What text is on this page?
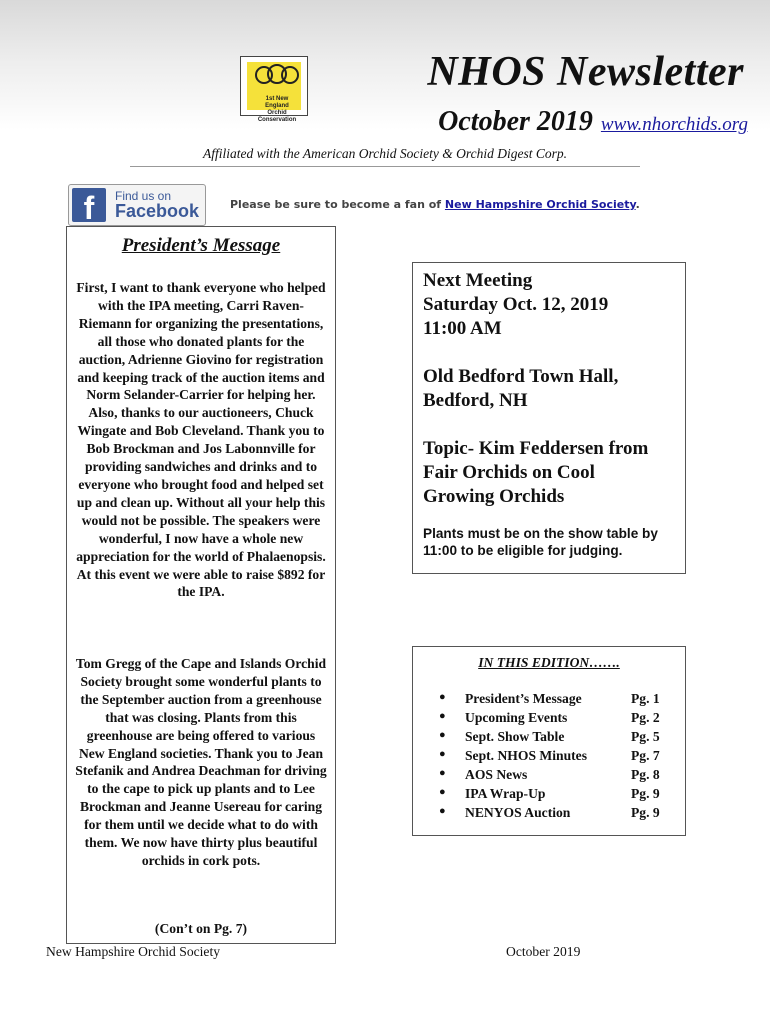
1st New England Orchid Conservation
NHOS Newsletter
October 2019 www.nhorchids.org
Affiliated with the American Orchid Society & Orchid Digest Corp.
f	Find us on
Facebook	Please be sure to become a fan of New Hampshire Orchid Society.
President’s Message
First, I want to thank everyone who helped with the IPA meeting, Carri Raven-Riemann for organizing the presentations, all those who donated plants for the auction, Adrienne Giovino for registration and keeping track of the auction items and Norm Selander-Carrier for helping her. Also, thanks to our auctioneers, Chuck Wingate and Bob Cleveland. Thank you to Bob Brockman and Jos Labonnville for providing sandwiches and drinks and to everyone who brought food and helped set up and clean up. Without all your help this would not be possible. The speakers were wonderful, I now have a whole new appreciation for the world of Phalaenopsis. At this event we were able to raise $892 for the IPA.
Tom Gregg of the Cape and Islands Orchid Society brought some wonderful plants to the September auction from a greenhouse that was closing. Plants from this greenhouse are being offered to various New England societies. Thank you to Jean Stefanik and Andrea Deachman for driving to the cape to pick up plants and to Lee Brockman and Jeanne Usereau for caring for them until we decide what to do with them. We now have thirty plus beautiful orchids in cork pots.
(Con’t on Pg. 7)
Next Meeting
Saturday Oct. 12, 2019
11:00 AM
Old Bedford Town Hall,
Bedford, NH
Topic- Kim Feddersen from
Fair Orchids on Cool
Growing Orchids
Plants must be on the show table by 11:00 to be eligible for judging.
IN THIS EDITION…….
● President’s Message	Pg. 1
● Upcoming Events	Pg. 2
● Sept. Show Table	Pg. 5
● Sept. NHOS Minutes	Pg. 7
● AOS News	Pg. 8
● IPA Wrap-Up	Pg. 9
● NENYOS Auction	Pg. 9
New Hampshire Orchid Society	October 2019
